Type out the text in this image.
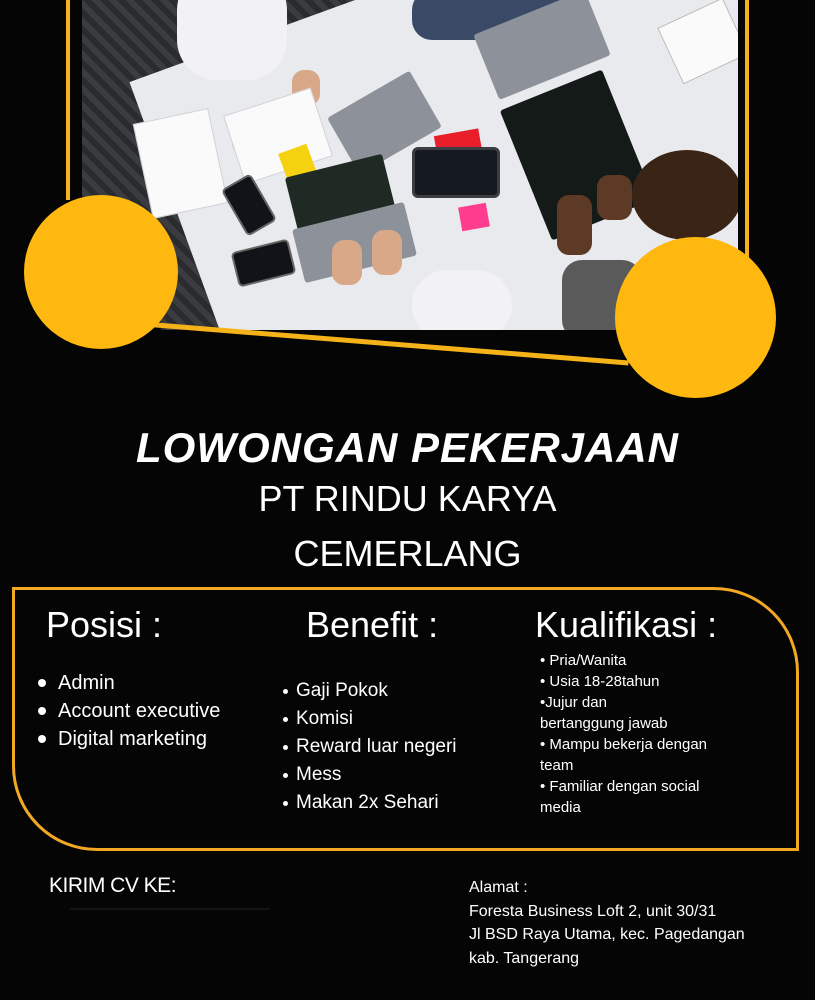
LOWONGAN PEKERJAAN
PT RINDU KARYA
CEMERLANG
Posisi :
Admin
Account executive
Digital marketing
Benefit :
Gaji Pokok
Komisi
Reward luar negeri
Mess
Makan 2x Sehari
Kualifikasi :
• Pria/Wanita
• Usia 18-28tahun
•Jujur dan
bertanggung jawab
• Mampu bekerja dengan
team
• Familiar dengan social
media
KIRIM CV KE:	Alamat :
Foresta Business Loft 2, unit 30/31
Jl BSD Raya Utama, kec. Pagedangan
kab. Tangerang
